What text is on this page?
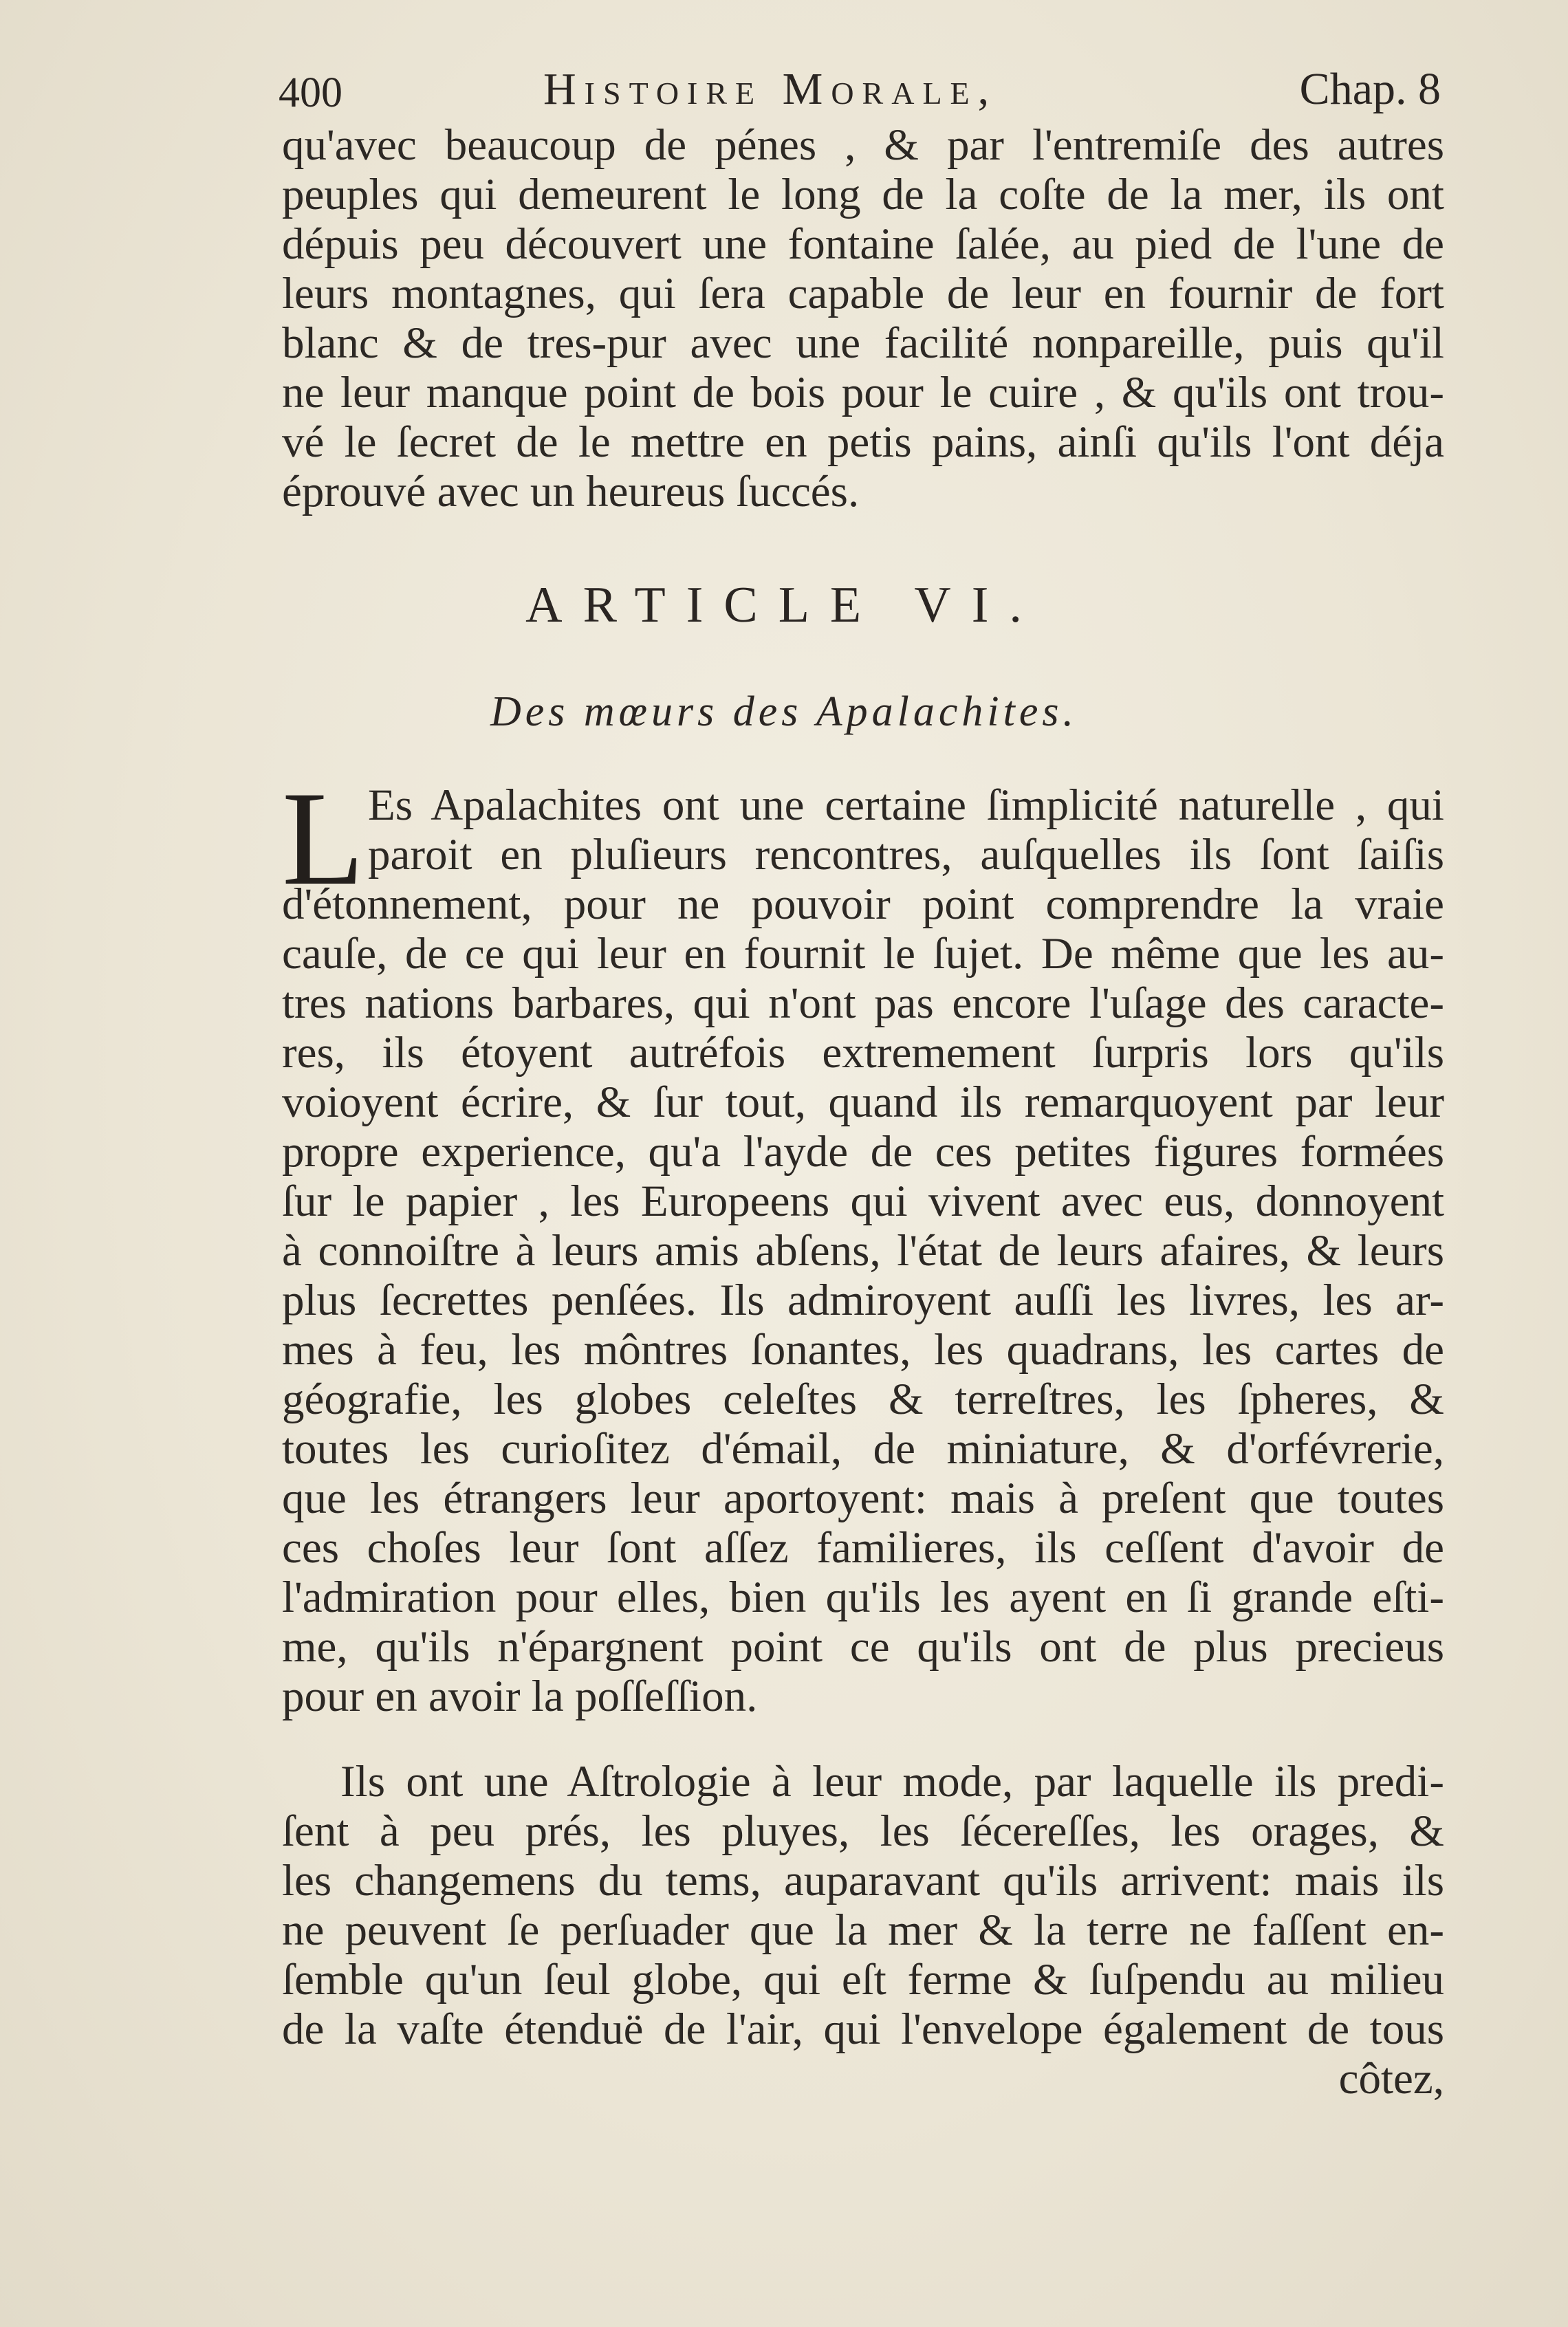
400	Histoire Morale,	Chap. 8
qu'avec beaucoup de pénes , & par l'entremiſe des autres
peuples qui demeurent le long de la coſte de la mer, ils ont
dépuis peu découvert une fontaine ſalée, au pied de l'une de
leurs montagnes, qui ſera capable de leur en fournir de fort
blanc & de tres-pur avec une facilité nonpareille, puis qu'il
ne leur manque point de bois pour le cuire , & qu'ils ont trou-
vé le ſecret de le mettre en petis pains, ainſi qu'ils l'ont déja
éprouvé avec un heureus ſuccés.
ARTICLE VI.
Des mœurs des Apalachites.
L Es Apalachites ont une certaine ſimplicité naturelle , qui
paroit en pluſieurs rencontres, auſquelles ils ſont ſaiſis
d'étonnement, pour ne pouvoir point comprendre la vraie
cauſe, de ce qui leur en fournit le ſujet. De même que les au-
tres nations barbares, qui n'ont pas encore l'uſage des caracte-
res, ils étoyent autréfois extremement ſurpris lors qu'ils
voioyent écrire, & ſur tout, quand ils remarquoyent par leur
propre experience, qu'a l'ayde de ces petites figures formées
ſur le papier , les Europeens qui vivent avec eus, donnoyent
à connoiſtre à leurs amis abſens, l'état de leurs afaires, & leurs
plus ſecrettes penſées. Ils admiroyent auſſi les livres, les ar-
mes à feu, les môntres ſonantes, les quadrans, les cartes de
géografie, les globes celeſtes & terreſtres, les ſpheres, &
toutes les curioſitez d'émail, de miniature, & d'orfévrerie,
que les étrangers leur aportoyent: mais à preſent que toutes
ces choſes leur ſont aſſez familieres, ils ceſſent d'avoir de
l'admiration pour elles, bien qu'ils les ayent en ſi grande eſti-
me, qu'ils n'épargnent point ce qu'ils ont de plus precieus
pour en avoir la poſſeſſion.
Ils ont une Aſtrologie à leur mode, par laquelle ils predi-
ſent à peu prés, les pluyes, les ſécereſſes, les orages, &
les changemens du tems, auparavant qu'ils arrivent: mais ils
ne peuvent ſe perſuader que la mer & la terre ne faſſent en-
ſemble qu'un ſeul globe, qui eſt ferme & ſuſpendu au milieu
de la vaſte étenduë de l'air, qui l'envelope également de tous
côtez,
